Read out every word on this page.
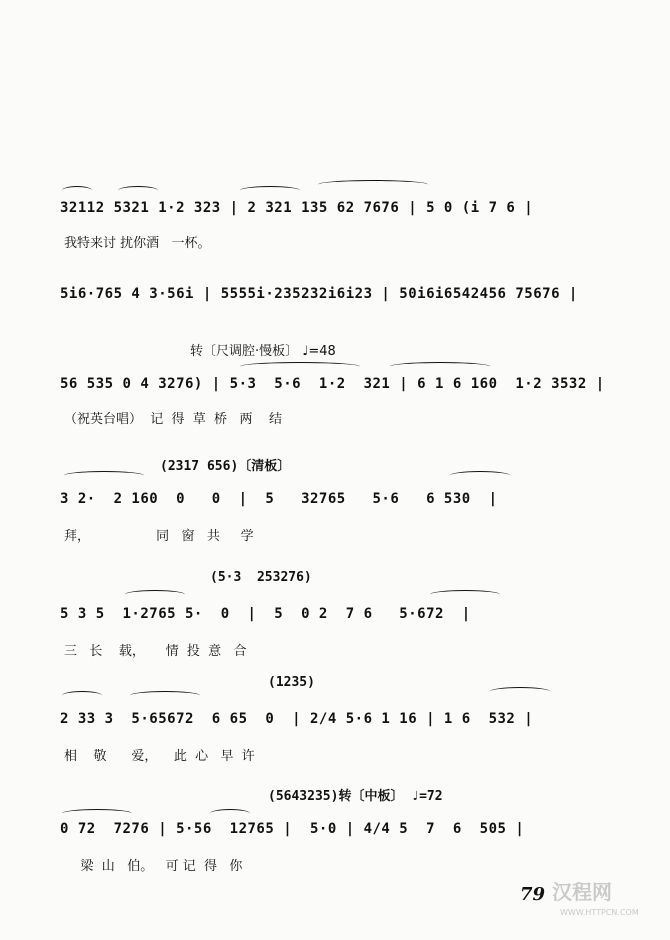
32112 5321 1·2 323 | 2 321 135 62 7676 | 5 0 (i 7 6 |
我特来讨 扰你酒   一杯。
5i6·765 4 3·56i | 5555i·235232i6i23 | 50i6i6542456 75676 |
转〔尺调腔·慢板〕 ♩=48
56 535 0 4 3276) | 5·3  5·6  1·2  321 | 6 1 6 160  1·2 3532 |
（祝英台唱）  记  得  草  桥   两    结
(2317 656)〔清板〕
3 2·  2 160  0   0  |  5   32765   5·6   6 530  |
拜，                同   窗   共     学
(5·3  253276)
5 3 5  1·2765 5·  0  |  5  0 2  7 6   5·672  |
三   长    载，     情  投  意   合
(1235)
2 33 3  5·65672  6 65  0  | 2/4 5·6 1 16 | 1 6  532 |
相    敬      爱，    此  心   早  许
(5643235)转〔中板〕 ♩=72
0 72  7276 | 5·56  12765 |  5·0 | 4/4 5  7  6  505 |
梁  山   伯。   可 记  得   你
79 汉程网
WWW.HTTPCN.COM
